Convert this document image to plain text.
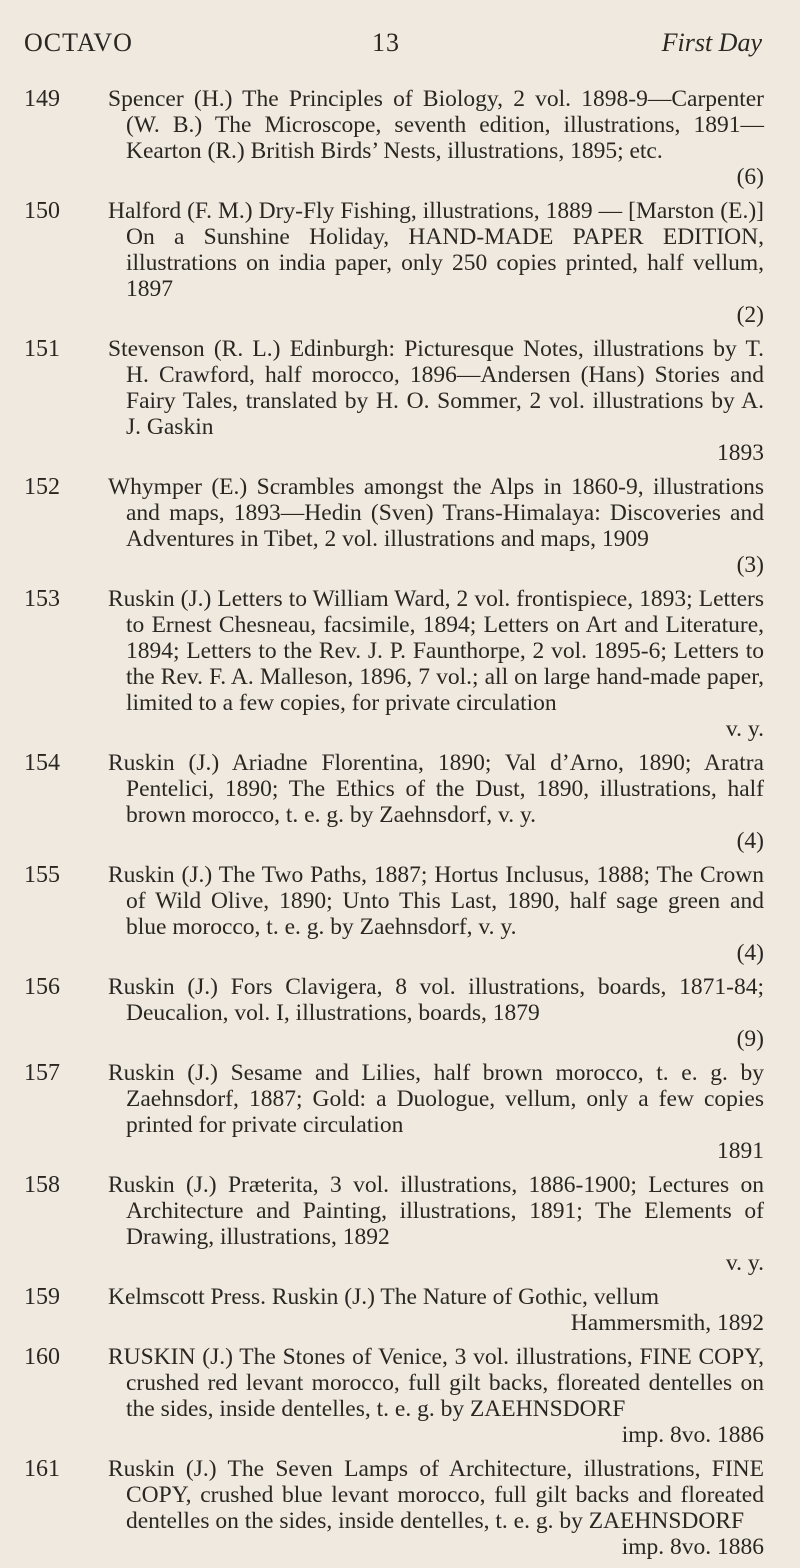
OCTAVO	13	First Day
149 Spencer (H.) The Principles of Biology, 2 vol. 1898-9—Carpenter (W. B.) The Microscope, seventh edition, illustrations, 1891—Kearton (R.) British Birds’ Nests, illustrations, 1895; etc.
(6)
150 Halford (F. M.) Dry-Fly Fishing, illustrations, 1889 — [Marston (E.)] On a Sunshine Holiday, HAND-MADE PAPER EDITION, illustrations on india paper, only 250 copies printed, half vellum, 1897
(2)
151 Stevenson (R. L.) Edinburgh: Picturesque Notes, illustrations by T. H. Crawford, half morocco, 1896—Andersen (Hans) Stories and Fairy Tales, translated by H. O. Sommer, 2 vol. illustrations by A. J. Gaskin
1893
152 Whymper (E.) Scrambles amongst the Alps in 1860-9, illustrations and maps, 1893—Hedin (Sven) Trans-Himalaya: Discoveries and Adventures in Tibet, 2 vol. illustrations and maps, 1909
(3)
153 Ruskin (J.) Letters to William Ward, 2 vol. frontispiece, 1893; Letters to Ernest Chesneau, facsimile, 1894; Letters on Art and Literature, 1894; Letters to the Rev. J. P. Faunthorpe, 2 vol. 1895-6; Letters to the Rev. F. A. Malleson, 1896, 7 vol.; all on large hand-made paper, limited to a few copies, for private circulation
v. y.
154 Ruskin (J.) Ariadne Florentina, 1890; Val d’Arno, 1890; Aratra Pentelici, 1890; The Ethics of the Dust, 1890, illustrations, half brown morocco, t. e. g. by Zaehnsdorf, v. y.
(4)
155 Ruskin (J.) The Two Paths, 1887; Hortus Inclusus, 1888; The Crown of Wild Olive, 1890; Unto This Last, 1890, half sage green and blue morocco, t. e. g. by Zaehnsdorf, v. y.
(4)
156 Ruskin (J.) Fors Clavigera, 8 vol. illustrations, boards, 1871-84; Deucalion, vol. I, illustrations, boards, 1879
(9)
157 Ruskin (J.) Sesame and Lilies, half brown morocco, t. e. g. by Zaehnsdorf, 1887; Gold: a Duologue, vellum, only a few copies printed for private circulation
1891
158 Ruskin (J.) Præterita, 3 vol. illustrations, 1886-1900; Lectures on Architecture and Painting, illustrations, 1891; The Elements of Drawing, illustrations, 1892
v. y.
159 Kelmscott Press. Ruskin (J.) The Nature of Gothic, vellum
Hammersmith, 1892
160 RUSKIN (J.) The Stones of Venice, 3 vol. illustrations, FINE COPY, crushed red levant morocco, full gilt backs, floreated dentelles on the sides, inside dentelles, t. e. g. by ZAEHNSDORF
imp. 8vo. 1886
161 Ruskin (J.) The Seven Lamps of Architecture, illustrations, FINE COPY, crushed blue levant morocco, full gilt backs and floreated dentelles on the sides, inside dentelles, t. e. g. by ZAEHNSDORF
imp. 8vo. 1886
